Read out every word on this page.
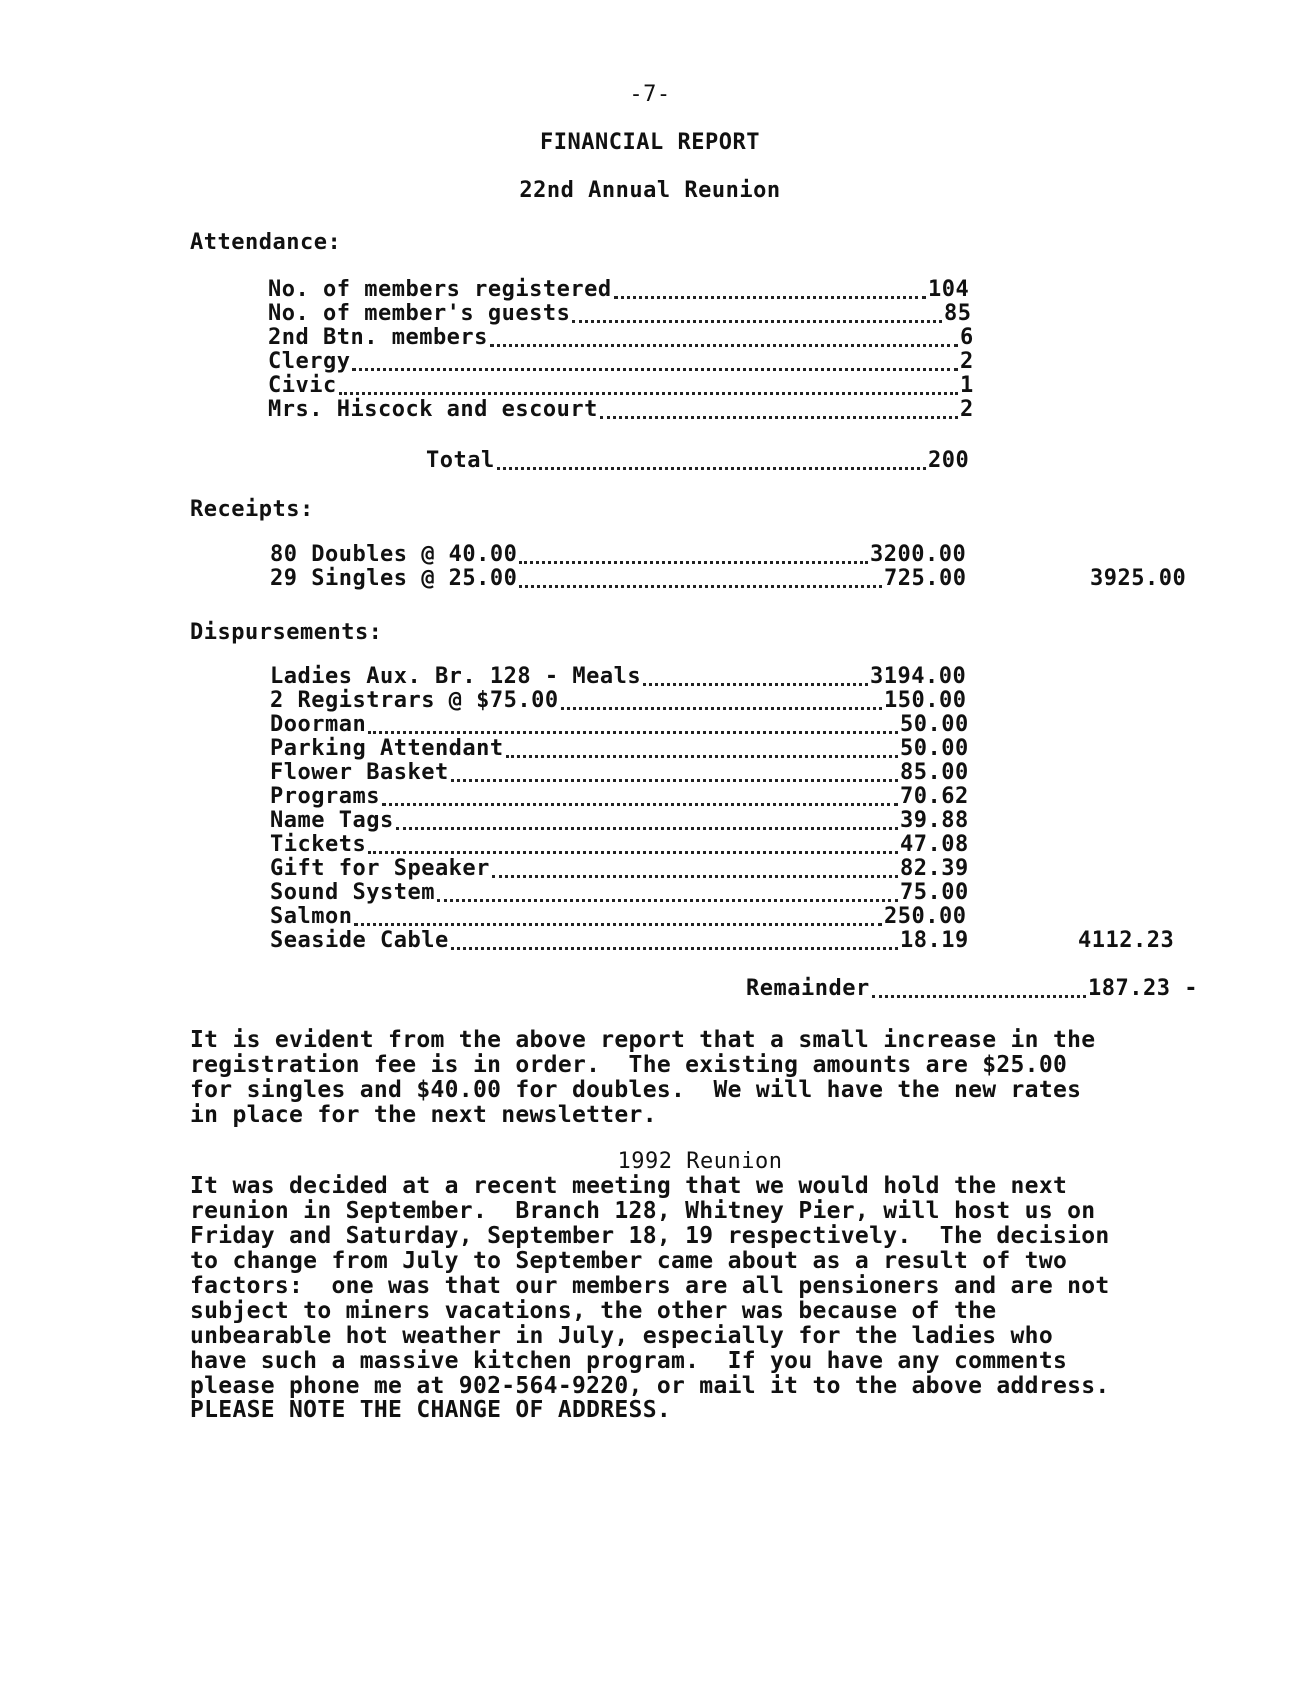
-7-
FINANCIAL REPORT
22nd Annual Reunion
Attendance:
No. of members registered	104
No. of member's guests	85
2nd Btn. members	6
Clergy	2
Civic	1
Mrs. Hiscock and escourt	2
Total	200
Receipts:
80 Doubles @ 40.00	3200.00
29 Singles @ 25.00	725.00	3925.00
Dispursements:
Ladies Aux. Br. 128 - Meals	3194.00
2 Registrars @ $75.00	150.00
Doorman	50.00
Parking Attendant	50.00
Flower Basket	85.00
Programs	70.62
Name Tags	39.88
Tickets	47.08
Gift for Speaker	82.39
Sound System	75.00
Salmon	250.00
Seaside Cable	18.19	4112.23
Remainder	187.23 -
It is evident from the above report that a small increase in the
registration fee is in order.  The existing amounts are $25.00
for singles and $40.00 for doubles.  We will have the new rates
in place for the next newsletter.
1992 Reunion
It was decided at a recent meeting that we would hold the next
reunion in September.  Branch 128, Whitney Pier, will host us on
Friday and Saturday, September 18, 19 respectively.  The decision
to change from July to September came about as a result of two
factors:  one was that our members are all pensioners and are not
subject to miners vacations, the other was because of the
unbearable hot weather in July, especially for the ladies who
have such a massive kitchen program.  If you have any comments
please phone me at 902-564-9220, or mail it to the above address.
PLEASE NOTE THE CHANGE OF ADDRESS.
